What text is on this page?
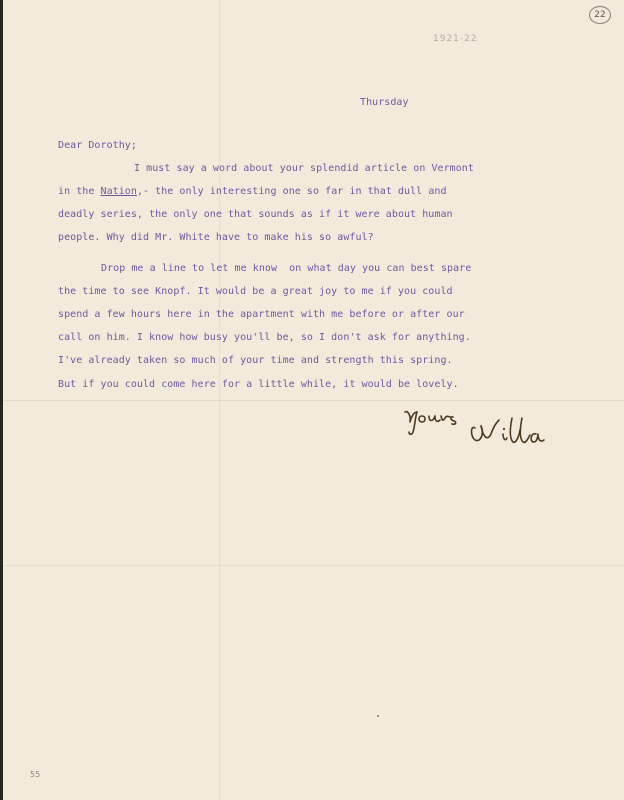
22
1921-22
Thursday
Dear Dorothy;
I must say a word about your splendid article on Vermont
in the Nation,- the only interesting one so far in that dull and
deadly series, the only one that sounds as if it were about human
people. Why did Mr. White have to make his so awful?
Drop me a line to let me know  on what day you can best spare
the time to see Knopf. It would be a great joy to me if you could
spend a few hours here in the apartment with me before or after our
call on him. I know how busy you'll be, so I don't ask for anything.
I've already taken so much of your time and strength this spring.
But if you could come here for a little while, it would be lovely.
55
